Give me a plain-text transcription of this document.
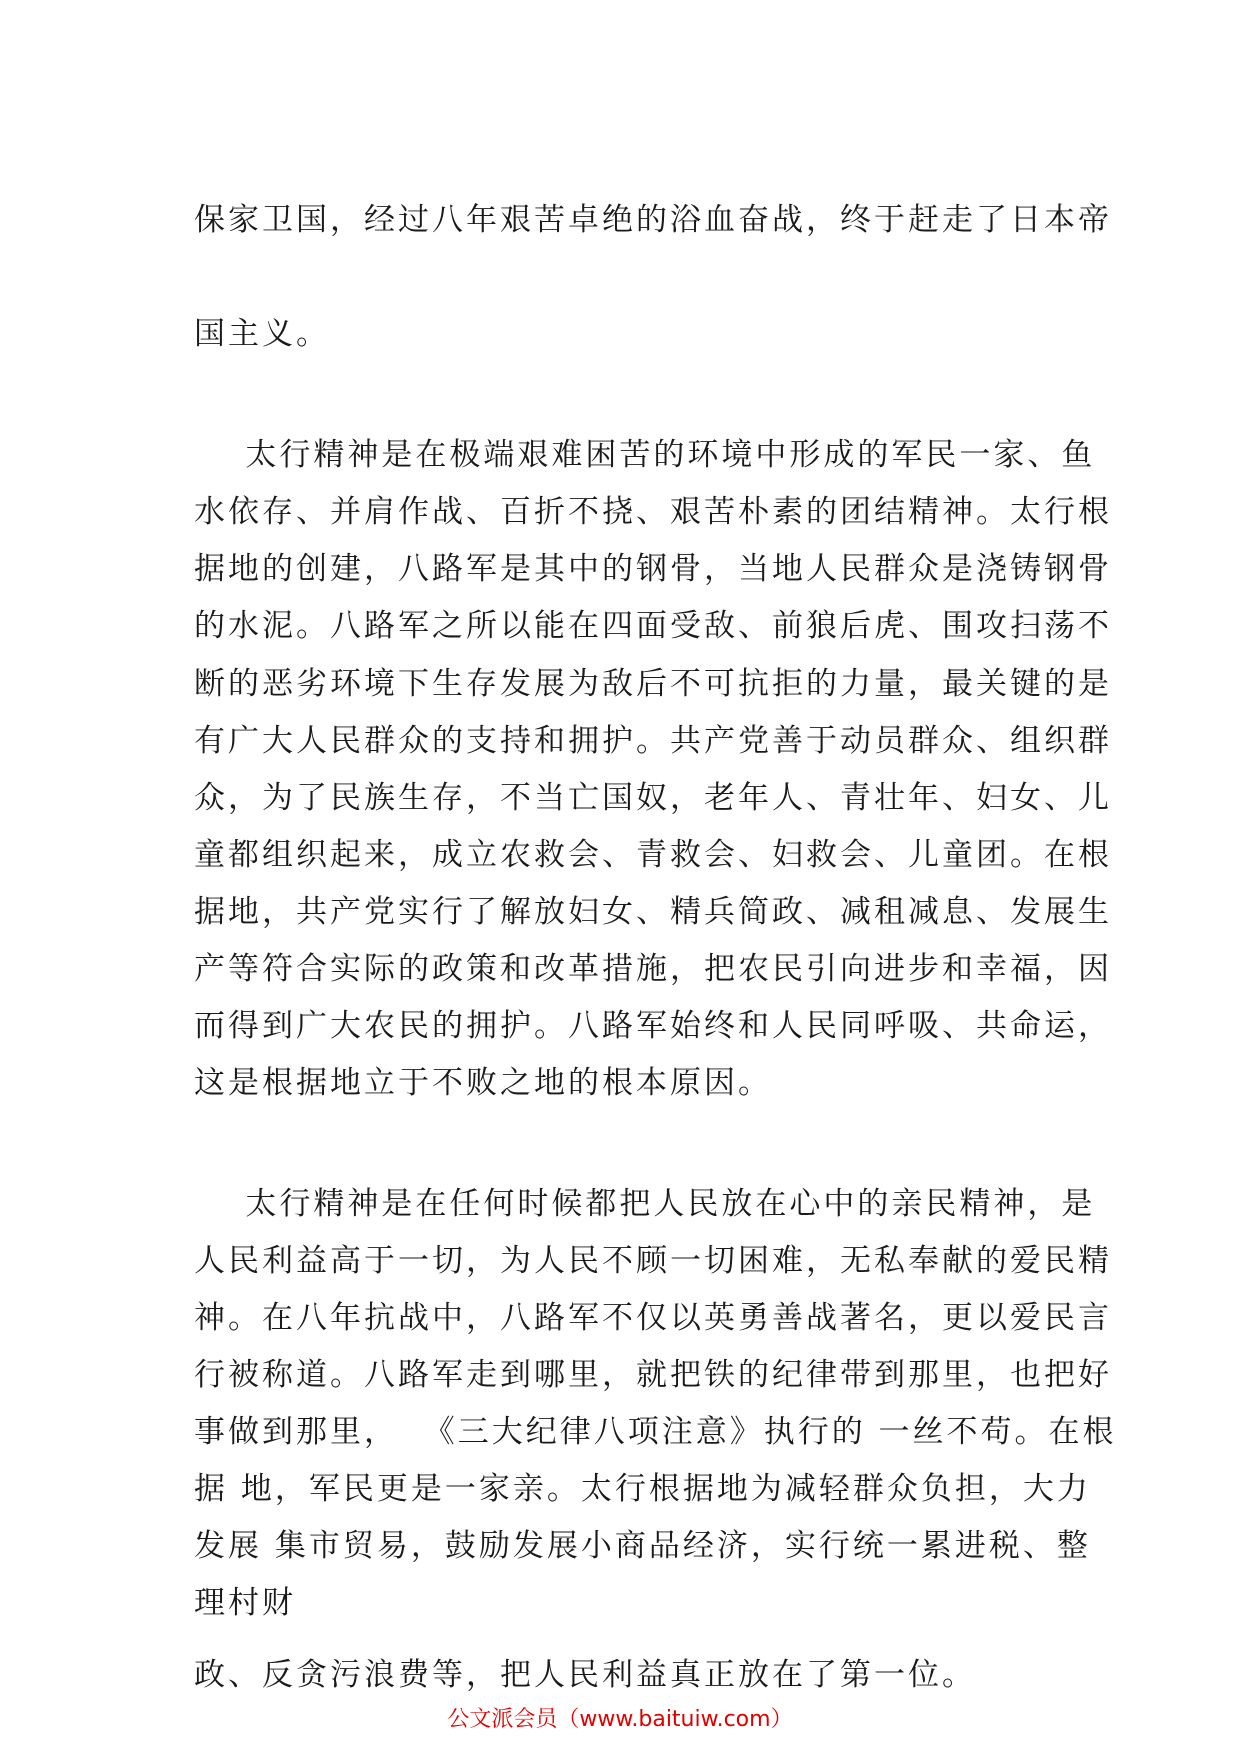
保家卫国，经过八年艰苦卓绝的浴血奋战，终于赶走了日本帝
国主义。
太行精神是在极端艰难困苦的环境中形成的军民一家、鱼
水依存、并肩作战、百折不挠、艰苦朴素的团结精神。太行根
据地的创建，八路军是其中的钢骨，当地人民群众是浇铸钢骨
的水泥。八路军之所以能在四面受敌、前狼后虎、围攻扫荡不
断的恶劣环境下生存发展为敌后不可抗拒的力量，最关键的是
有广大人民群众的支持和拥护。共产党善于动员群众、组织群
众，为了民族生存，不当亡国奴，老年人、青壮年、妇女、儿
童都组织起来，成立农救会、青救会、妇救会、儿童团。在根
据地，共产党实行了解放妇女、精兵简政、减租减息、发展生
产等符合实际的政策和改革措施，把农民引向进步和幸福，因
而得到广大农民的拥护。八路军始终和人民同呼吸、共命运，
这是根据地立于不败之地的根本原因。
太行精神是在任何时候都把人民放在心中的亲民精神，是
人民利益高于一切，为人民不顾一切困难，无私奉献的爱民精
神。在八年抗战中，八路军不仅以英勇善战著名，更以爱民言
行被称道。八路军走到哪里，就把铁的纪律带到那里，也把好
事做到那里，  《三大纪律八项注意》执行的 一丝不苟。在根
据 地，军民更是一家亲。太行根据地为减轻群众负担，大力
发展 集市贸易，鼓励发展小商品经济，实行统一累进税、整
理村财
政、反贪污浪费等，把人民利益真正放在了第一位。
公文派会员（www.baituiw.com）
